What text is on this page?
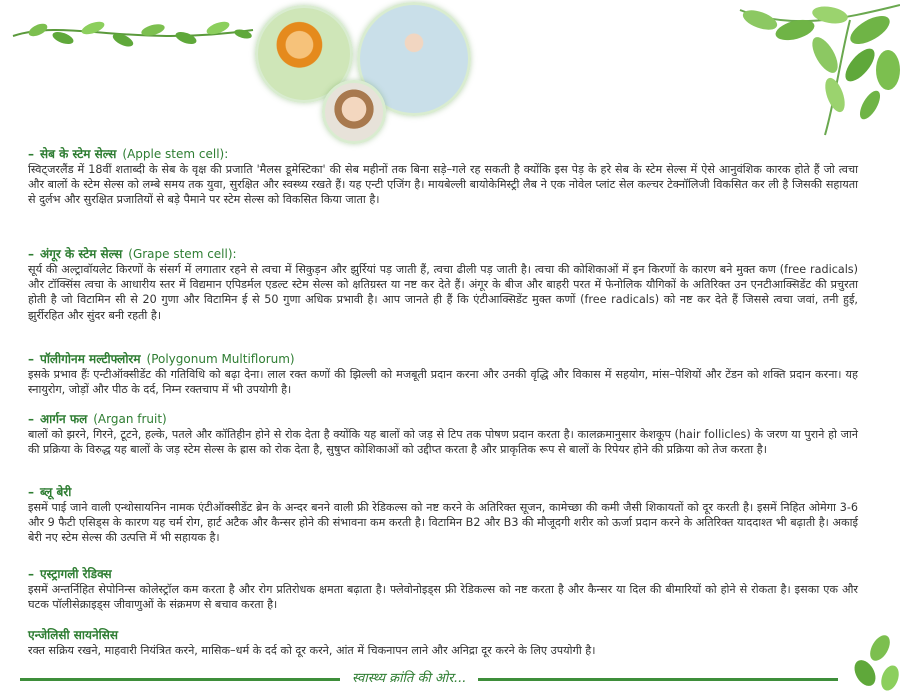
– सेब के स्टेम सेल्स (Apple stem cell):

स्विट्जरलैंड में 18वीं शताब्दी के सेब के वृक्ष की प्रजाति 'मैलस डूमेस्टिका' की सेब महीनों तक बिना सड़े–गले रह सकती है क्योंकि इस पेड़ के हरे सेब के स्टेम सेल्स में ऐसे आनुवंशिक कारक होते हैं जो त्वचा और बालों के स्टेम सेल्स को लम्बे समय तक युवा, सुरक्षित और स्वस्थ्य रखते हैं। यह एन्टी एजिंग है। मायबेल्ली बायोकेमिस्ट्री लैब ने एक नोवेल प्लांट सेल कल्चर टेक्नॉलिजी विकसित कर ली है जिसकी सहायता से दुर्लभ और सुरक्षित प्रजातियों से बड़े पैमाने पर स्टेम सेल्स को विकसित किया जाता है।

– अंगूर के स्टेम सेल्स (Grape stem cell):

सूर्य की अल्ट्रावॉयलेट किरणों के संसर्ग में लगातार रहने से त्वचा में सिकुड़न और झुर्रियां पड़ जाती हैं, त्वचा ढीली पड़ जाती है। त्वचा की कोशिकाओं में इन किरणों के कारण बने मुक्त कण (free radicals) और टॉक्सिंस त्वचा के आधारीय स्तर में विद्यमान एपिडर्मल एडल्ट स्टेम सेल्स को क्षतिग्रस्त या नष्ट कर देते हैं। अंगूर के बीज और बाहरी परत में फेनोलिक यौगिकों के अतिरिक्त उन एनटीआक्सिडेंट की प्रचुरता होती है जो विटामिन सी से 20 गुणा और विटामिन ई से 50 गुणा अधिक प्रभावी है। आप जानते ही हैं कि एंटीआक्सिडेंट मुक्त कणों (free radicals) को नष्ट कर देते हैं जिससे त्वचा जवां, तनी हुई, झुर्रीरहित और सुंदर बनी रहती है।

– पॉलीगोनम मल्टीफ्लोरम (Polygonum Multiflorum)

इसके प्रभाव हैंः एन्टीऑक्सीडेंट की गतिविधि को बढ़ा देना। लाल रक्त कणों की झिल्ली को मजबूती प्रदान करना और उनकी वृद्धि और विकास में सहयोग, मांस–पेशियों और टेंडन को शक्ति प्रदान करना। यह स्नायुरोग, जोड़ों और पीठ के दर्द, निम्न रक्तचाप में भी उपयोगी है।

– आर्गन फल (Argan fruit)

बालों को झरने, गिरने, टूटने, हल्के, पतले और कॉतिहीन होने से रोक देता है क्योंकि यह बालों को जड़ से टिप तक पोषण प्रदान करता है। कालक्रमानुसार केशकूप (hair follicles) के जरण या पुराने हो जाने की प्रक्रिया के विरुद्ध यह बालों के जड़ स्टेम सेल्स के ह्रास को रोक देता है, सुषुप्त कोशिकाओं को उद्दीप्त करता है और प्राकृतिक रूप से बालों के रिपेयर होने की प्रक्रिया को तेज करता है।

– ब्लू बेरी

इसमें पाई जाने वाली एन्थोसायनिन नामक एंटीऑक्सीडेंट ब्रेन के अन्दर बनने वाली फ्री रेडिकल्स को नष्ट करने के अतिरिक्त सूजन, कामेच्छा की कमी जैसी शिकायतों को दूर करती है। इसमें निहित ओमेगा 3-6 और 9 फैटी एसिड्स के कारण यह चर्म रोग, हार्ट अटैक और कैन्सर होने की संभावना कम करती है। विटामिन B2 और B3 की मौजूदगी शरीर को ऊर्जा प्रदान करने के अतिरिक्त याददाश्त भी बढ़ाती है। अकाई बेरी नए स्टेम सेल्स की उत्पत्ति में भी सहायक है।

– एस्ट्रागली रेडिक्स

इसमें अन्तर्निहित सेपोनिन्स कोलेस्ट्रॉल कम करता है और रोग प्रतिरोधक क्षमता बढ़ाता है। फ्लेवोनोइड्स फ्री रेडिकल्स को नष्ट करता है और कैन्सर या दिल की बीमारियों को होने से रोकता है। इसका एक और घटक पॉलीसेक्राइड्स जीवाणुओं के संक्रमण से बचाव करता है।

एन्जेलिसी सायनेसिस

रक्त सक्रिय रखने, माहवारी नियंत्रित करने, मासिक–धर्म के दर्द को दूर करने, आंत में चिकनापन लाने और अनिद्रा दूर करने के लिए उपयोगी है।

स्वास्थ्य क्रांति की ओर...
